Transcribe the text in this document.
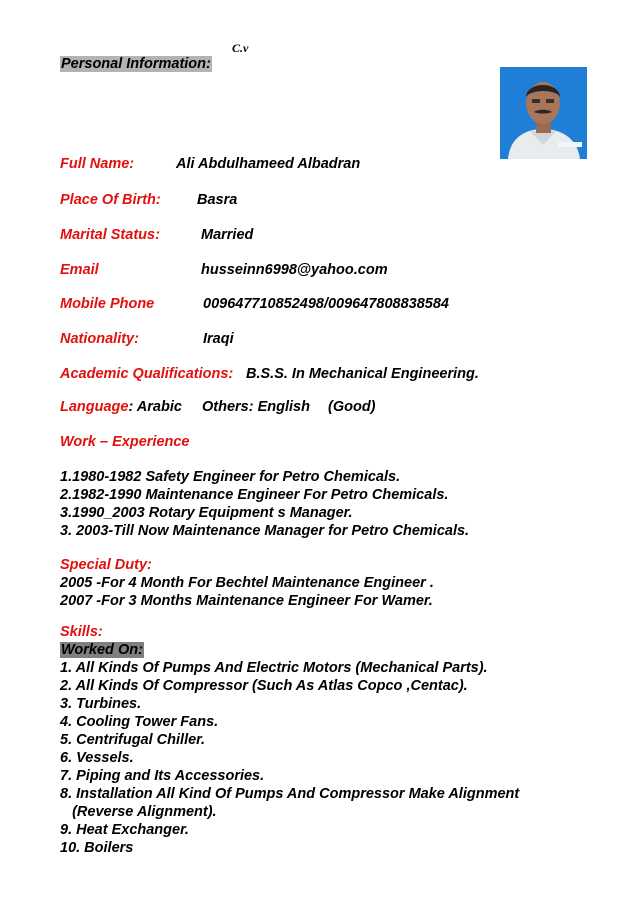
C.v
Personal Information:
Full Name:	Ali Abdulhameed Albadran
Place Of Birth:	Basra
Marital Status:	Married
Email	husseinn6998@yahoo.com
Mobile Phone	009647710852498/009647808838584
Nationality:	Iraqi
Academic Qualifications: B.S.S. In Mechanical Engineering.
Language: Arabic Others: English (Good)
Work – Experience
1.1980-1982 Safety Engineer for Petro Chemicals.
2.1982-1990 Maintenance Engineer For Petro Chemicals.
3.1990_2003 Rotary Equipment s Manager.
3. 2003-Till Now Maintenance Manager for Petro Chemicals.
Special Duty:
2005 -For 4 Month For Bechtel Maintenance Engineer .
2007 -For 3 Months Maintenance Engineer For Wamer.
Skills:
Worked On:
1. All Kinds Of Pumps And Electric Motors (Mechanical Parts).
2. All Kinds Of Compressor (Such As Atlas Copco ,Centac).
3. Turbines.
4. Cooling Tower Fans.
5. Centrifugal Chiller.
6. Vessels.
7. Piping and Its Accessories.
8. Installation All Kind Of Pumps And Compressor Make Alignment
(Reverse Alignment).
9. Heat Exchanger.
10. Boilers
